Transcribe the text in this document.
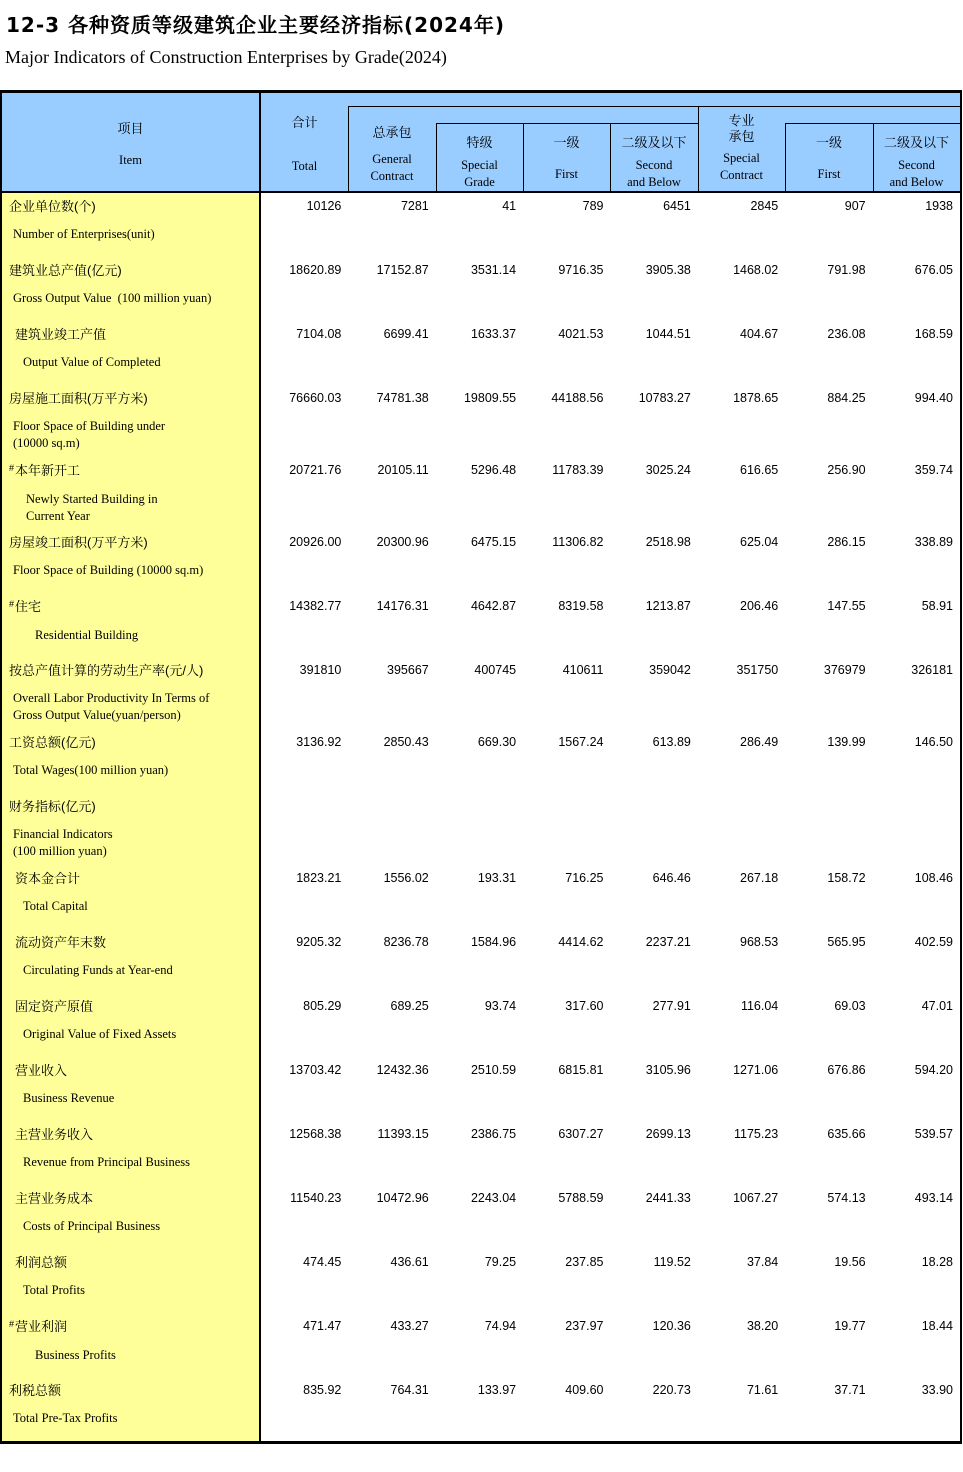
12-3 各种资质等级建筑企业主要经济指标(2024年)
Major Indicators of Construction Enterprises by Grade(2024)
项目
Item
合计
Total
总承包
General
Contract
特级
Special
Grade
一级
First
二级及以下
Second
and Below
专业
承包
Special
Contract
一级
First
二级及以下
Second
and Below
企业单位数(个)
Number of Enterprises(unit)
10126	7281	41	789	6451	2845	907	1938
建筑业总产值(亿元)
Gross Output Value  (100 million yuan)
18620.89	17152.87	3531.14	9716.35	3905.38	1468.02	791.98	676.05
建筑业竣工产值
Output Value of Completed
7104.08	6699.41	1633.37	4021.53	1044.51	404.67	236.08	168.59
房屋施工面积(万平方米)
Floor Space of Building under
(10000 sq.m)
76660.03	74781.38	19809.55	44188.56	10783.27	1878.65	884.25	994.40
#本年新开工
Newly Started Building in
Current Year
20721.76	20105.11	5296.48	11783.39	3025.24	616.65	256.90	359.74
房屋竣工面积(万平方米)
Floor Space of Building (10000 sq.m)
20926.00	20300.96	6475.15	11306.82	2518.98	625.04	286.15	338.89
#住宅
Residential Building
14382.77	14176.31	4642.87	8319.58	1213.87	206.46	147.55	58.91
按总产值计算的劳动生产率(元/人)
Overall Labor Productivity In Terms of
Gross Output Value(yuan/person)
391810	395667	400745	410611	359042	351750	376979	326181
工资总额(亿元)
Total Wages(100 million yuan)
3136.92	2850.43	669.30	1567.24	613.89	286.49	139.99	146.50
财务指标(亿元)
Financial Indicators
(100 million yuan)
资本金合计
Total Capital
1823.21	1556.02	193.31	716.25	646.46	267.18	158.72	108.46
流动资产年末数
Circulating Funds at Year-end
9205.32	8236.78	1584.96	4414.62	2237.21	968.53	565.95	402.59
固定资产原值
Original Value of Fixed Assets
805.29	689.25	93.74	317.60	277.91	116.04	69.03	47.01
营业收入
Business Revenue
13703.42	12432.36	2510.59	6815.81	3105.96	1271.06	676.86	594.20
主营业务收入
Revenue from Principal Business
12568.38	11393.15	2386.75	6307.27	2699.13	1175.23	635.66	539.57
主营业务成本
Costs of Principal Business
11540.23	10472.96	2243.04	5788.59	2441.33	1067.27	574.13	493.14
利润总额
Total Profits
474.45	436.61	79.25	237.85	119.52	37.84	19.56	18.28
#营业利润
Business Profits
471.47	433.27	74.94	237.97	120.36	38.20	19.77	18.44
利税总额
Total Pre-Tax Profits
835.92	764.31	133.97	409.60	220.73	71.61	37.71	33.90
